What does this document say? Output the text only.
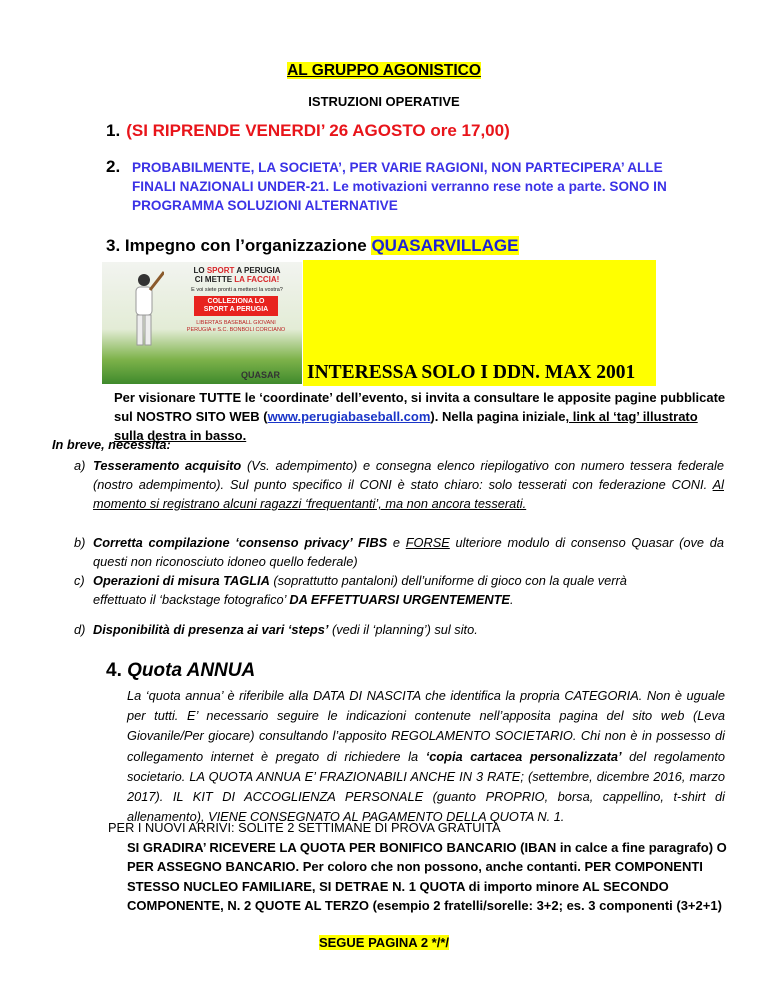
AL GRUPPO AGONISTICO
ISTRUZIONI OPERATIVE
1. (SI RIPRENDE VENERDI’ 26 AGOSTO ore 17,00)
2. PROBABILMENTE, LA SOCIETA’, PER VARIE RAGIONI, NON PARTECIPERA’ ALLE FINALI NAZIONALI UNDER-21. Le motivazioni verranno rese note a parte. SONO IN PROGRAMMA SOLUZIONI ALTERNATIVE
3. Impegno con l’organizzazione QUASARVILLAGE
LO SPORT A PERUGIA
CI METTE LA FACCIA!
E voi siete pronti a metterci la vostra?
COLLEZIONA LO SPORT A PERUGIA
LIBERTAS BASEBALL GIOVANI PERUGIA e S.C. BONBOLI CORCIANO
QUASAR INTERESSA SOLO I DDN. MAX 2001
Per visionare TUTTE le ‘coordinate’ dell’evento, si invita a consultare le apposite pagine pubblicate sul NOSTRO SITO WEB (www.perugiabaseball.com). Nella pagina iniziale, link al ‘tag’ illustrato sulla destra in basso.
In breve, necessita:
a) Tesseramento acquisito (Vs. adempimento) e consegna elenco riepilogativo con numero tessera federale (nostro adempimento). Sul punto specifico il CONI è stato chiaro: solo tesserati con federazione CONI. Al momento si registrano alcuni ragazzi ‘frequentanti’, ma non ancora tesserati.
b) Corretta compilazione ‘consenso privacy’ FIBS e FORSE ulteriore modulo di consenso Quasar (ove da questi non riconosciuto idoneo quello federale)
c) Operazioni di misura TAGLIA (soprattutto pantaloni) dell’uniforme di gioco con la quale verrà
effettuato il ‘backstage fotografico’ DA EFFETTUARSI URGENTEMENTE.
d) Disponibilità di presenza ai vari ‘steps’ (vedi il ‘planning’) sul sito.
4. Quota ANNUA
La ‘quota annua’ è riferibile alla DATA DI NASCITA che identifica la propria CATEGORIA. Non è uguale per tutti. E’ necessario seguire le indicazioni contenute nell’apposita pagina del sito web (Leva Giovanile/Per giocare) consultando l’apposito REGOLAMENTO SOCIETARIO. Chi non è in possesso di collegamento internet è pregato di richiedere la ‘copia cartacea personalizzata’ del regolamento societario. LA QUOTA ANNUA E’ FRAZIONABILI ANCHE IN 3 RATE; (settembre, dicembre 2016, marzo 2017). IL KIT DI ACCOGLIENZA PERSONALE (guanto PROPRIO, borsa, cappellino, t-shirt di allenamento), VIENE CONSEGNATO AL PAGAMENTO DELLA QUOTA N. 1.
PER I NUOVI ARRIVI: SOLITE 2 SETTIMANE DI PROVA GRATUITA
SI GRADIRA’ RICEVERE LA QUOTA PER BONIFICO BANCARIO (IBAN in calce a fine paragrafo) O PER ASSEGNO BANCARIO. Per coloro che non possono, anche contanti. PER COMPONENTI STESSO NUCLEO FAMILIARE, SI DETRAE N. 1 QUOTA di importo minore AL SECONDO COMPONENTE, N. 2 QUOTE AL TERZO (esempio 2 fratelli/sorelle: 3+2; es. 3 componenti (3+2+1)
SEGUE PAGINA 2 */*/
